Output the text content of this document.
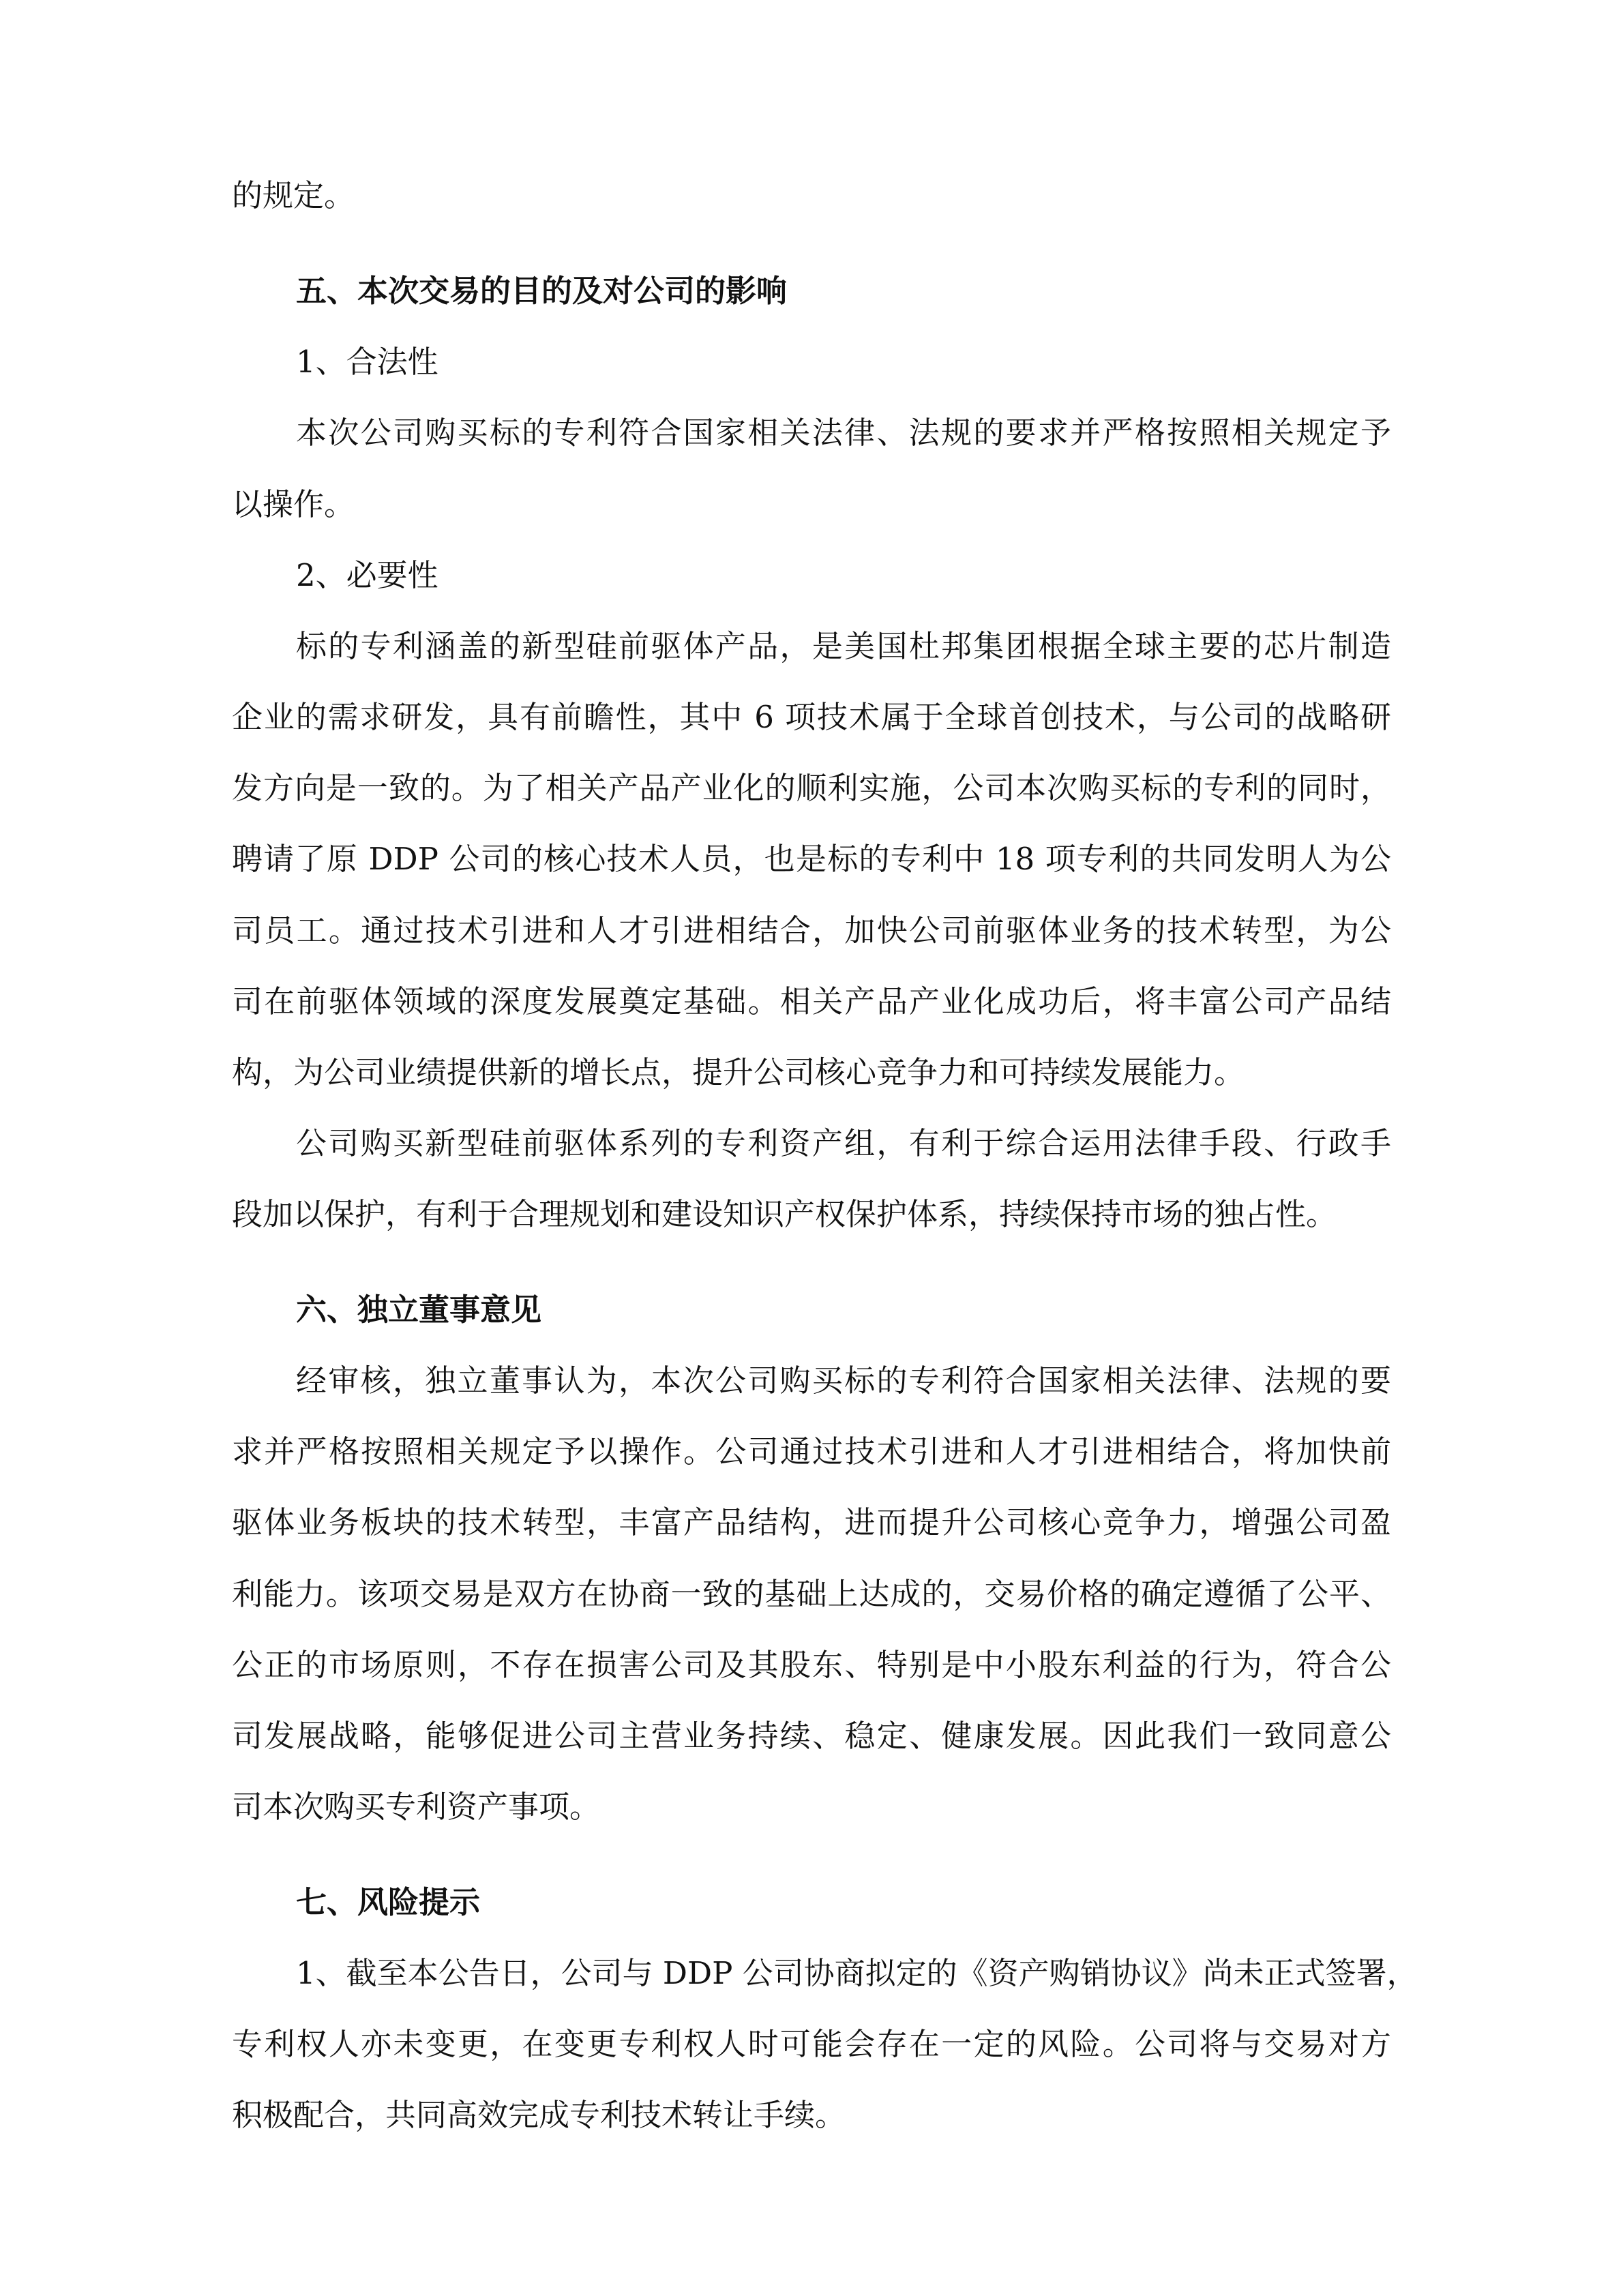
的规定。
五、本次交易的目的及对公司的影响
1、合法性
本次公司购买标的专利符合国家相关法律、法规的要求并严格按照相关规定予
以操作。
2、必要性
标的专利涵盖的新型硅前驱体产品，是美国杜邦集团根据全球主要的芯片制造
企业的需求研发，具有前瞻性，其中 6 项技术属于全球首创技术，与公司的战略研
发方向是一致的。为了相关产品产业化的顺利实施，公司本次购买标的专利的同时，
聘请了原 DDP 公司的核心技术人员，也是标的专利中 18 项专利的共同发明人为公
司员工。通过技术引进和人才引进相结合，加快公司前驱体业务的技术转型，为公
司在前驱体领域的深度发展奠定基础。相关产品产业化成功后，将丰富公司产品结
构，为公司业绩提供新的增长点，提升公司核心竞争力和可持续发展能力。
公司购买新型硅前驱体系列的专利资产组，有利于综合运用法律手段、行政手
段加以保护，有利于合理规划和建设知识产权保护体系，持续保持市场的独占性。
六、独立董事意见
经审核，独立董事认为，本次公司购买标的专利符合国家相关法律、法规的要
求并严格按照相关规定予以操作。公司通过技术引进和人才引进相结合，将加快前
驱体业务板块的技术转型，丰富产品结构，进而提升公司核心竞争力，增强公司盈
利能力。该项交易是双方在协商一致的基础上达成的，交易价格的确定遵循了公平、
公正的市场原则，不存在损害公司及其股东、特别是中小股东利益的行为，符合公
司发展战略，能够促进公司主营业务持续、稳定、健康发展。因此我们一致同意公
司本次购买专利资产事项。
七、风险提示
1、截至本公告日，公司与 DDP 公司协商拟定的《资产购销协议》尚未正式签署，
专利权人亦未变更，在变更专利权人时可能会存在一定的风险。公司将与交易对方
积极配合，共同高效完成专利技术转让手续。
